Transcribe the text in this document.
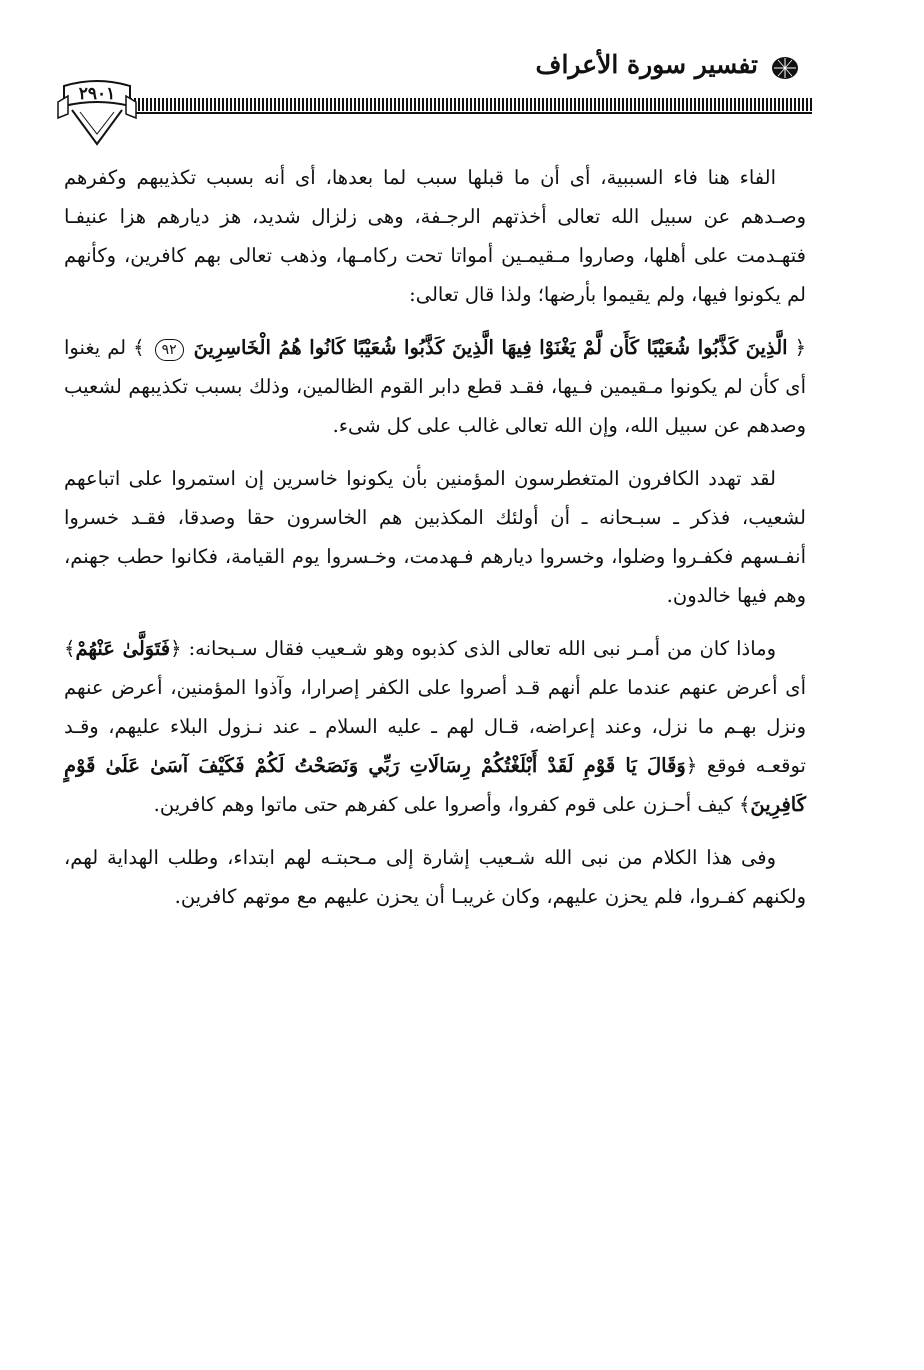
تفسير سورة الأعراف
٢٩٠١

الفاء هنا فاء السببية، أى أن ما قبلها سبب لما بعدها، أى أنه بسبب تكذيبهم وكفرهم وصـدهم عن سبيل الله تعالى أخذتهم الرجـفة، وهى زلزال شديد، هز ديارهم هزا عنيفـا فتهـدمت على أهلها، وصاروا مـقيمـين أمواتا تحت ركامـها، وذهب تعالى بهم كافرين، وكأنهم لم يكونوا فيها، ولم يقيموا بأرضها؛ ولذا قال تعالى:

﴿ الَّذِينَ كَذَّبُوا شُعَيْبًا كَأَن لَّمْ يَغْنَوْا فِيهَا الَّذِينَ كَذَّبُوا شُعَيْبًا كَانُوا هُمُ الْخَاسِرِينَ ٩٢ ﴾ لم يغنوا أى كأن لم يكونوا مـقيمين فـيها، فقـد قطع دابر القوم الظالمين، وذلك بسبب تكذيبهم لشعيب وصدهم عن سبيل الله، وإن الله تعالى غالب على كل شىء.

لقد تهدد الكافرون المتغطرسون المؤمنين بأن يكونوا خاسرين إن استمروا على اتباعهم لشعيب، فذكر ـ سبـحانه ـ أن أولئك المكذبين هم الخاسرون حقا وصدقا، فقـد خسروا أنفـسهم فكفـروا وضلوا، وخسروا ديارهم فـهدمت، وخـسروا يوم القيامة، فكانوا حطب جهنم، وهم فيها خالدون.

وماذا كان من أمـر نبى الله تعالى الذى كذبوه وهو شـعيب فقال سـبحانه: ﴿فَتَوَلَّىٰ عَنْهُمْ﴾ أى أعرض عنهم عندما علم أنهم قـد أصروا على الكفر إصرارا، وآذوا المؤمنين، أعرض عنهم ونزل بهـم ما نزل، وعند إعراضه، قـال لهم ـ عليه السلام ـ عند نـزول البلاء عليهم، وقـد توقعـه فوقع ﴿وَقَالَ يَا قَوْمِ لَقَدْ أَبْلَغْتُكُمْ رِسَالَاتِ رَبِّي وَنَصَحْتُ لَكُمْ فَكَيْفَ آسَىٰ عَلَىٰ قَوْمٍ كَافِرِينَ﴾ كيف أحـزن على قوم كفروا، وأصروا على كفرهم حتى ماتوا وهم كافرين.

وفى هذا الكلام من نبى الله شـعيب إشارة إلى مـحبتـه لهم ابتداء، وطلب الهداية لهم، ولكنهم كفـروا، فلم يحزن عليهم، وكان غريبـا أن يحزن عليهم مع موتهم كافرين.
